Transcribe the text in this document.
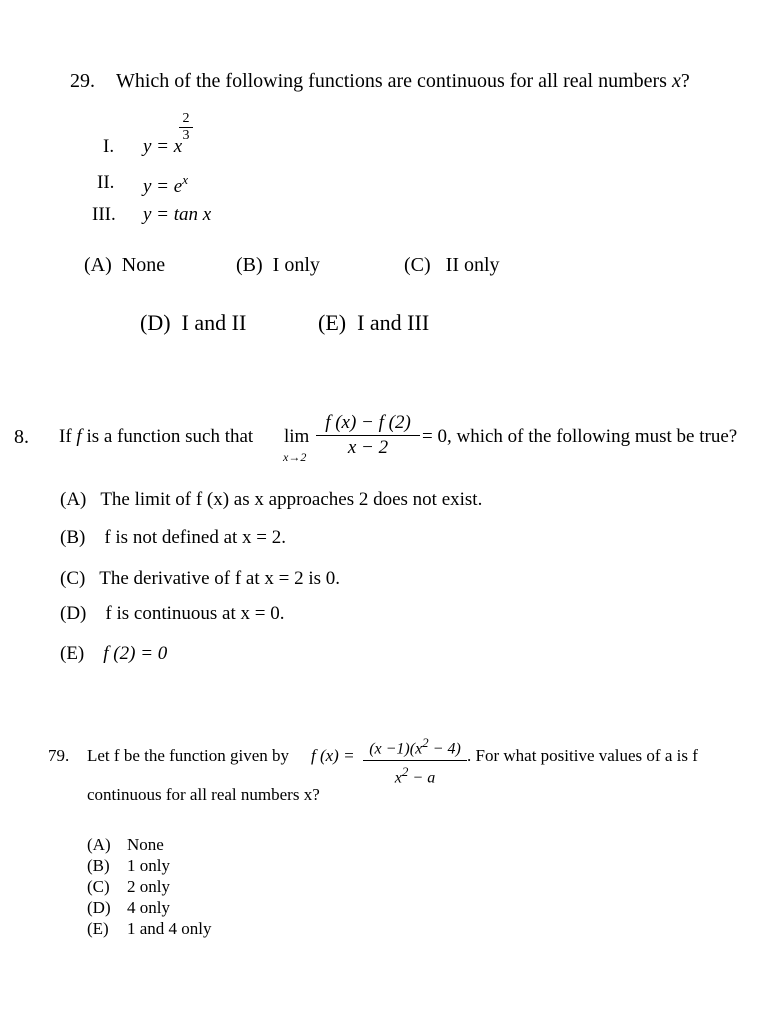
29. Which of the following functions are continuous for all real numbers x?
I. y = x
2
3
II. $y = e^x$
III. y = tan x
(A) None	(B) I only	(C) II only
(D) I and II	(E) I and III
8. If f is a function such that lim
x→2
f (x) − f (2)
x − 2
= 0, which of the following must be true?
(A) The limit of f (x) as x approaches 2 does not exist.
(B) f is not defined at x = 2.
(C) The derivative of f at x = 2 is 0.
(D) f is continuous at x = 0.
(E) f (2) = 0
79. Let f be the function given by f $(x) = (x -1)(x^2 - 4)$
$x^2 - a$
. For what positive values of a is f
continuous for all real numbers x?
(A) None
(B) 1 only
(C) 2 only
(D) 4 only
(E) 1 and 4 only
